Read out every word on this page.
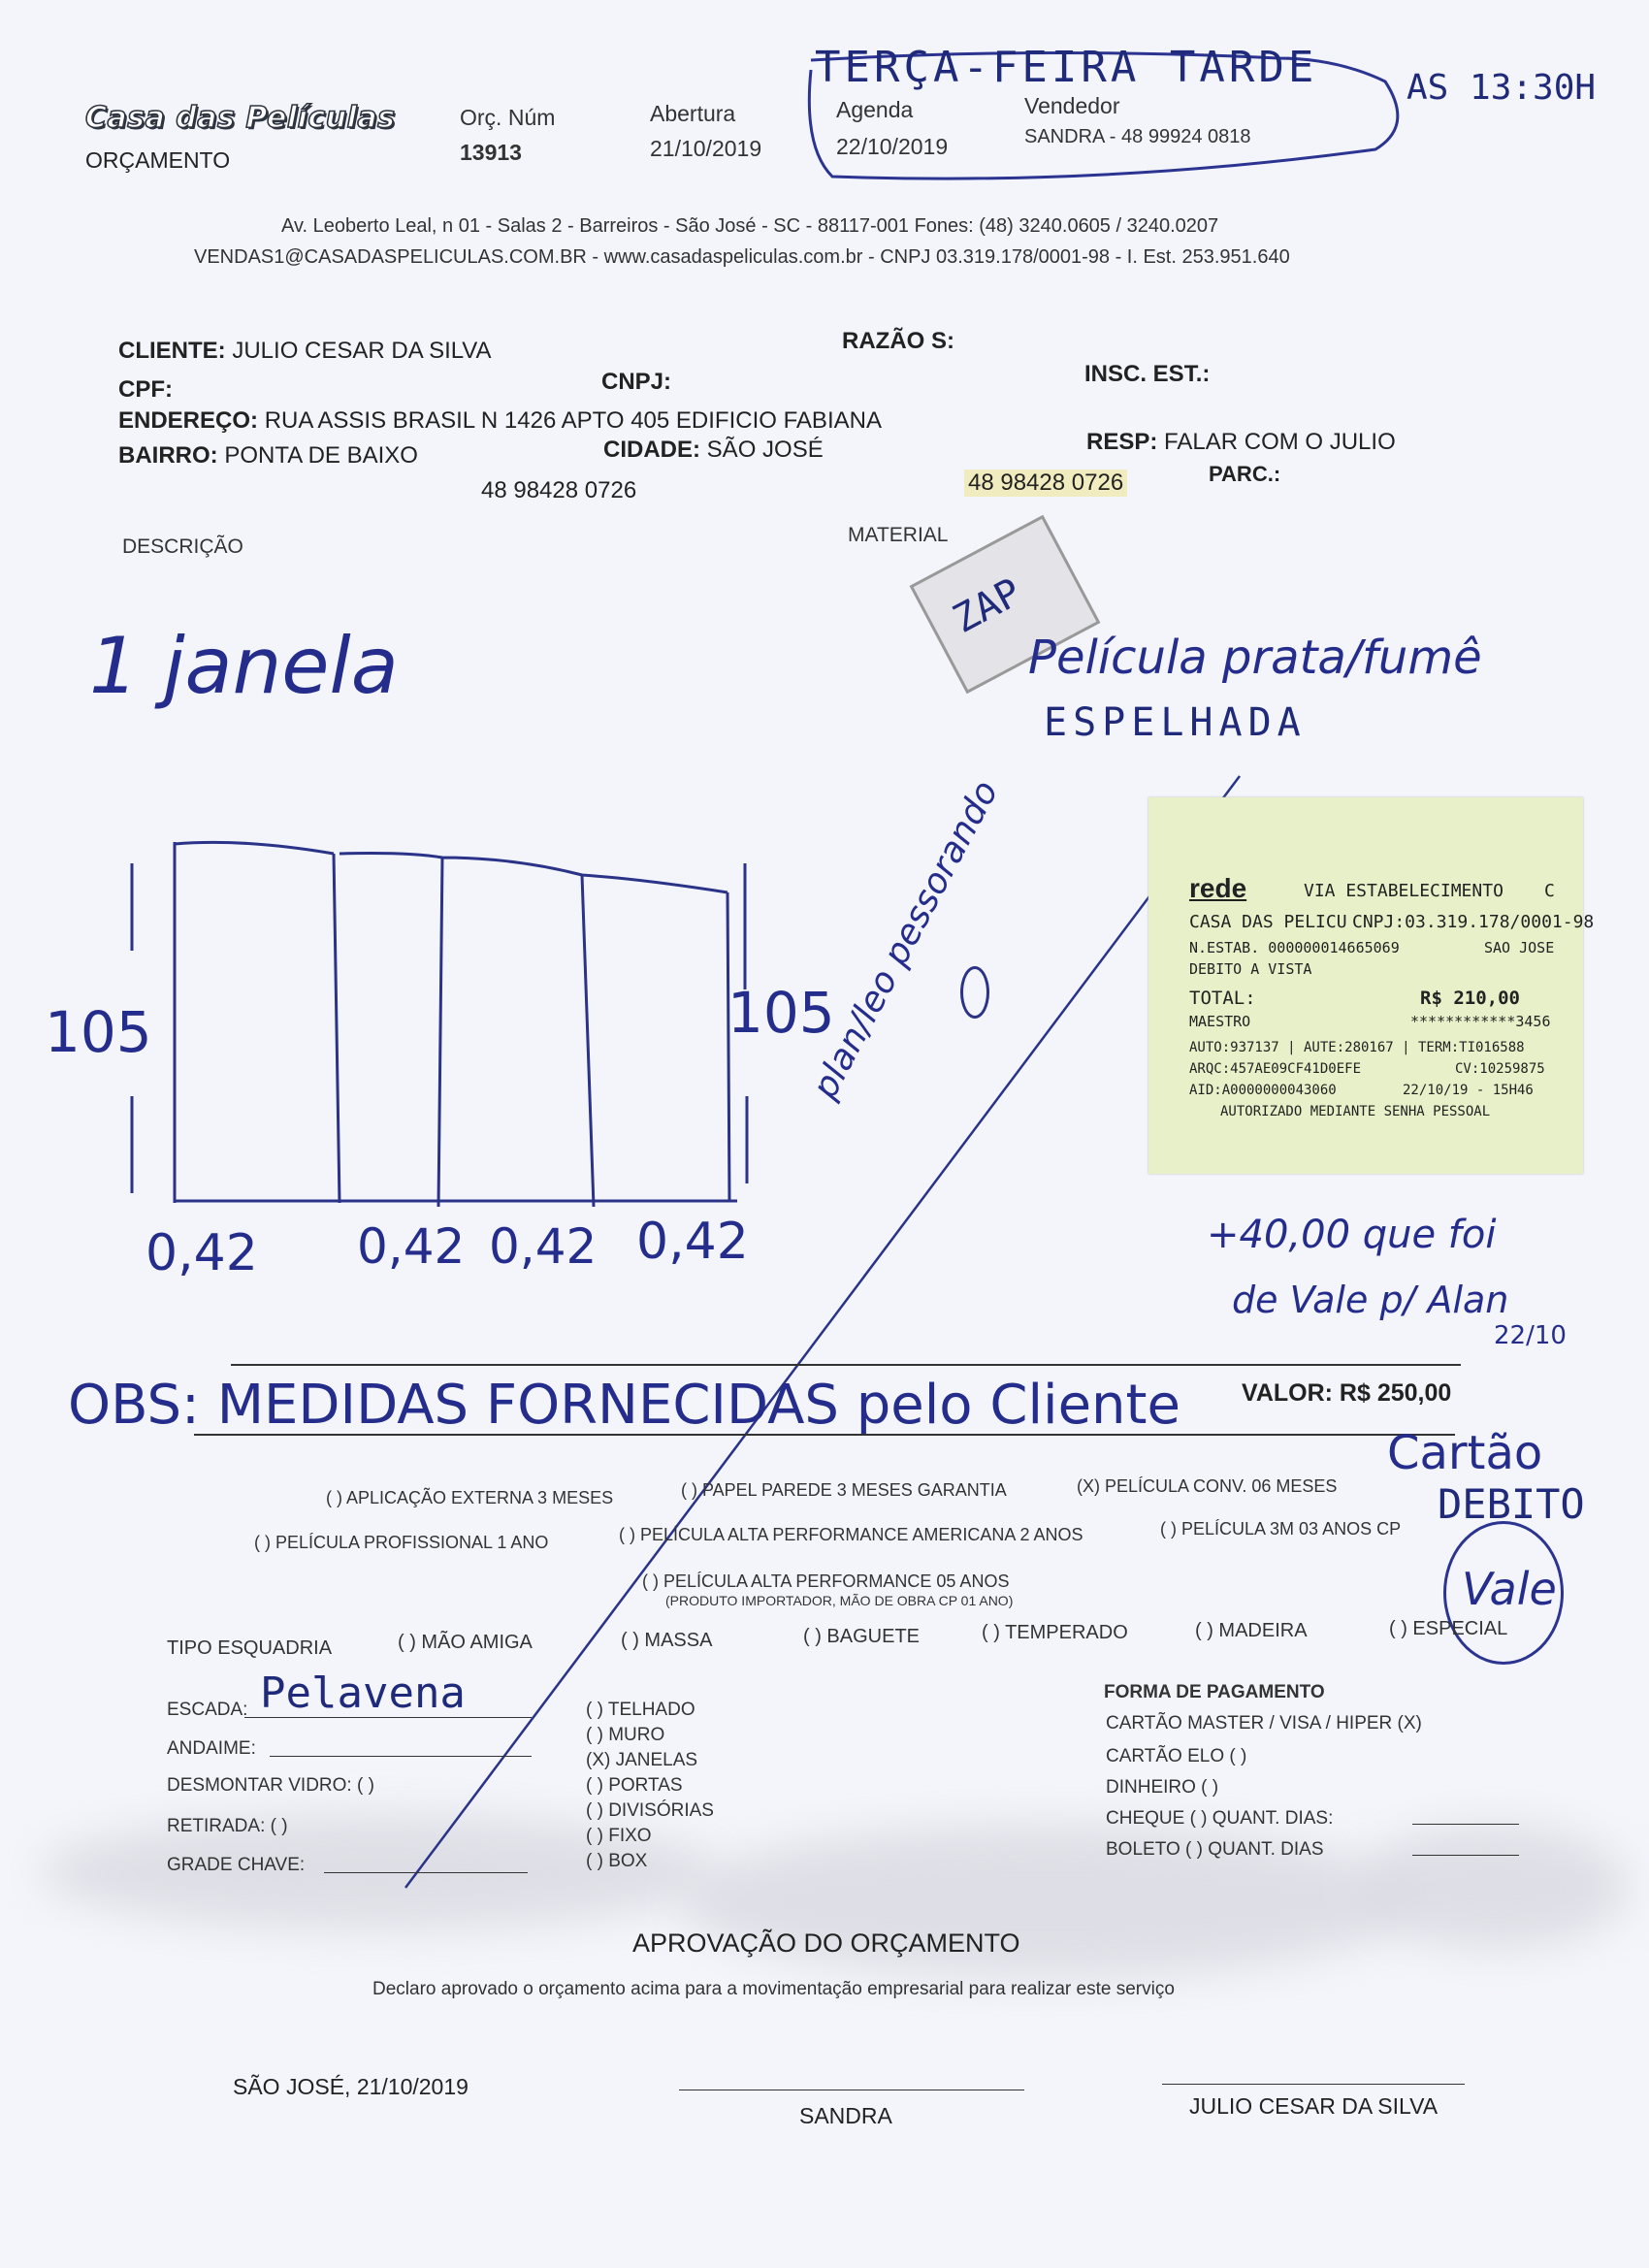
Casa das Películas
ORÇAMENTO
Orç. Núm
13913
Abertura
21/10/2019
TERÇA-FEIRA TARDE	AS 13:30H
Agenda
22/10/2019
Vendedor
SANDRA - 48 99924 0818
Av. Leoberto Leal, n 01 - Salas 2 - Barreiros - São José - SC - 88117-001 Fones: (48) 3240.0605 / 3240.0207
VENDAS1@CASADASPELICULAS.COM.BR - www.casadaspeliculas.com.br - CNPJ 03.319.178/0001-98 - I. Est. 253.951.640
CLIENTE: JULIO CESAR DA SILVA	RAZÃO S:
CPF:	CNPJ:	INSC. EST.:
ENDEREÇO: RUA ASSIS BRASIL N 1426 APTO 405 EDIFICIO FABIANA
BAIRRO: PONTA DE BAIXO	CIDADE: SÃO JOSÉ	RESP: FALAR COM O JULIO
48 98428 0726	48 98428 0726	PARC.:
DESCRIÇÃO
MATERIAL
1 janela
ZAP
Película prata/fumê
ESPELHADA
105	105
0,42 0,42 0,42 0,42
plan/leo pessorando	rede	VIA ESTABELECIMENTO C
CASA DAS PELICU CNPJ:03.319.178/0001-98
N.ESTAB. 000000014665069	SAO JOSE
DEBITO A VISTA
TOTAL:	R$ 210,00
MAESTRO	************3456
AUTO:937137 | AUTE:280167 | TERM:TI016588
ARQC:457AE09CF41D0EFE	CV:10259875
AID:A0000000043060	22/10/19 - 15H46
AUTORIZADO MEDIANTE SENHA PESSOAL
+40,00 que foi
de Vale p/ Alan
22/10
OBS: MEDIDAS FORNECIDAS pelo Cliente	VALOR: R$ 250,00
Cartão
DEBITO
Vale
( ) APLICAÇÃO EXTERNA 3 MESES	( ) PAPEL PAREDE 3 MESES GARANTIA	(X) PELÍCULA CONV. 06 MESES
( ) PELÍCULA PROFISSIONAL 1 ANO	( ) PELÍCULA ALTA PERFORMANCE AMERICANA 2 ANOS	( ) PELÍCULA 3M 03 ANOS CP
( ) PELÍCULA ALTA PERFORMANCE 05 ANOS
(PRODUTO IMPORTADOR, MÃO DE OBRA CP 01 ANO)
TIPO ESQUADRIA	( ) MÃO AMIGA	( ) MASSA	( ) BAGUETE	( ) TEMPERADO	( ) MADEIRA	( ) ESPECIAL
ESCADA: Pelavena
ANDAIME:
DESMONTAR VIDRO: ( )
RETIRADA: ( )
GRADE CHAVE:
( ) TELHADO
( ) MURO
(X) JANELAS
( ) PORTAS
( ) DIVISÓRIAS
( ) FIXO
( ) BOX
FORMA DE PAGAMENTO
CARTÃO MASTER / VISA / HIPER (X)
CARTÃO ELO ( )
DINHEIRO ( )
CHEQUE ( ) QUANT. DIAS:
BOLETO ( ) QUANT. DIAS
APROVAÇÃO DO ORÇAMENTO
Declaro aprovado o orçamento acima para a movimentação empresarial para realizar este serviço
SÃO JOSÉ, 21/10/2019
SANDRA	JULIO CESAR DA SILVA
